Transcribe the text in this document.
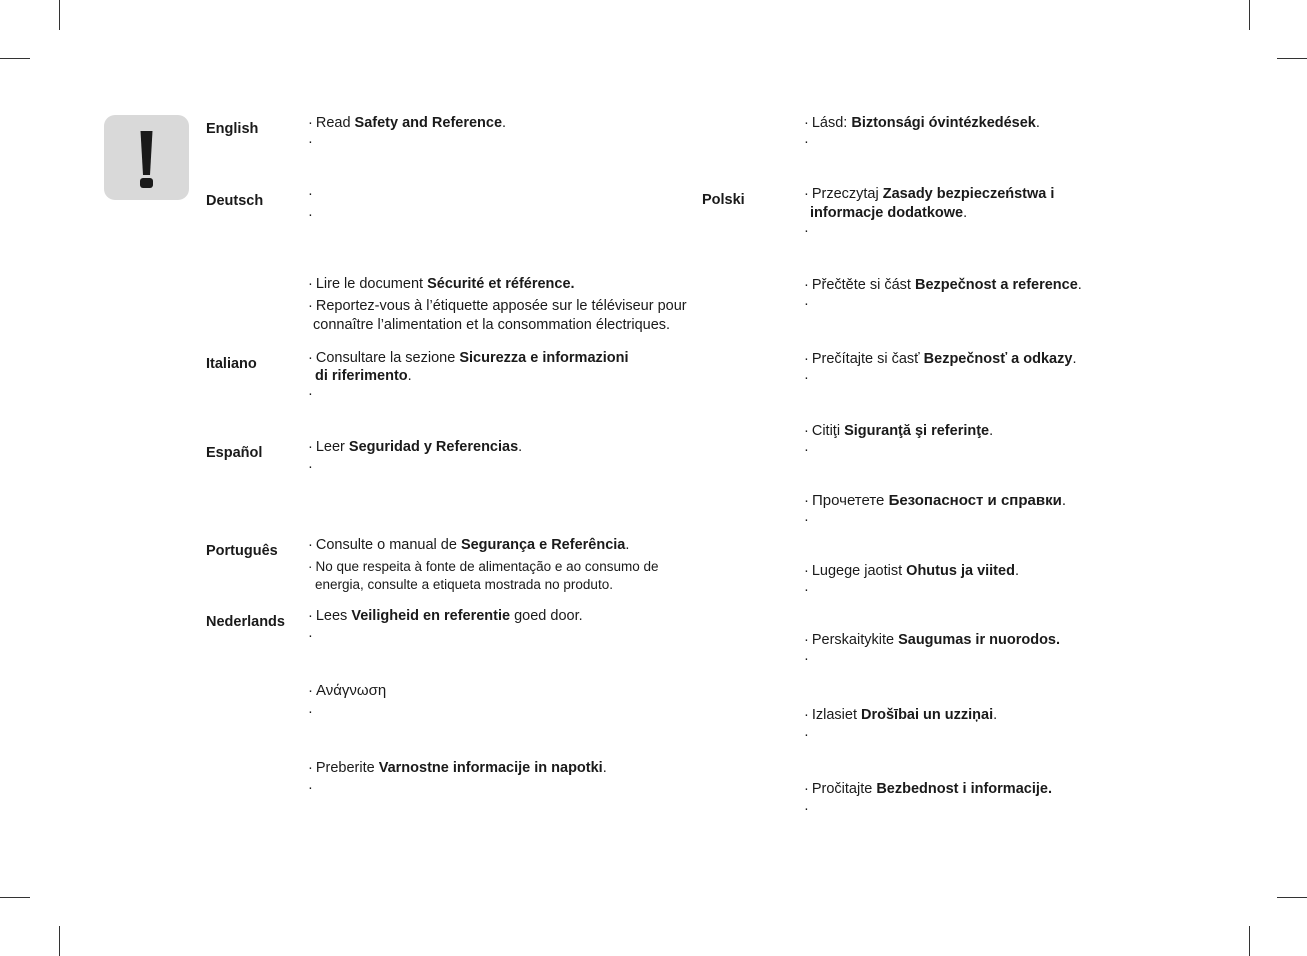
English
Deutsch
Italiano
Español
Português
Nederlands
Polski
· Read Safety and Reference.
·
·
·
· Lire le document Sécurité et référence.
· Reportez-vous à l’étiquette apposée sur le téléviseur pour
connaître l’alimentation et la consommation électriques.
· Consultare la sezione Sicurezza e informazioni
di riferimento.
·
· Leer Seguridad y Referencias.
·
· Consulte o manual de Segurança e Referência.
· No que respeita à fonte de alimentação e ao consumo de
energia, consulte a etiqueta mostrada no produto.
· Lees Veiligheid en referentie goed door.
·
· Ανάγνωση
·
· Preberite Varnostne informacije in napotki.
·
· Lásd: Biztonsági óvintézkedések.
·
· Przeczytaj Zasady bezpieczeństwa i
informacje dodatkowe.
·
· Přečtěte si část Bezpečnost a reference.
·
· Prečítajte si časť Bezpečnosť a odkazy.
·
· Citiţi Siguranţă şi referinţe.
·
· Прочетете Безопасност и справки.
·
· Lugege jaotist Ohutus ja viited.
·
· Perskaitykite Saugumas ir nuorodos.
·
· Izlasiet Drošībai un uzziņai.
·
· Pročitajte Bezbednost i informacije.
·
